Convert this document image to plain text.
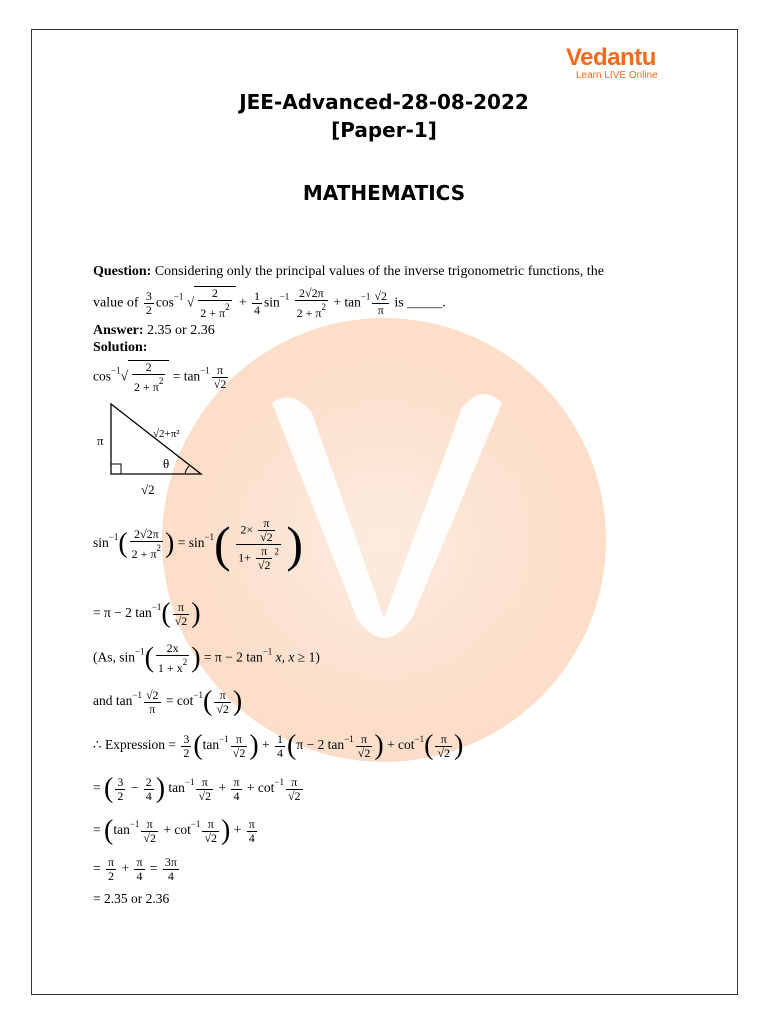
Vedantu
Learn LIVE Online
JEE-Advanced-28-08-2022
[Paper-1]
MATHEMATICS
Question: Considering only the principal values of the inverse trigonometric functions, the
value of $\frac{3}{2} \cos^{-1}$ √ $\frac{2}{2 + \pi^2} + \frac{1}{4} \sin^{-1} \frac{2√2\pi}{2 + \pi^2} + \tan^{-1} \frac{√2}{\pi}$ is _____.
Answer: 2.35 or 2.36
Solution:
$\cos^{-1}√ \frac{2}{2 + \pi^2} = \tan^{-1} \frac{\pi}{√2}$
π	√2+π²
θ
√2
$\sin^{-1}( \frac{2√2\pi}{2 + \pi^2}$ ) = $\sin^{-1}( \frac{2\times \frac{\pi}{√2}}{1+ \frac{\pi}{√2} ^2}$ )
= π − 2 $\tan^{-1}( \frac{\pi}{√2}$ )
(As, $\sin^{-1}( \frac{2x}{1 + x^2}$ ) = π − 2 $\tan^{-1} x$, x ≥ 1)
and $\tan^{-1} \frac{√2}{\pi} = \cot^{-1}( \frac{\pi}{√2}$ )
∴ Expression = $\frac{3}{2} (\tan^{-1} \frac{\pi}{√2}$ ) + $\frac{1}{4} (\pi - 2$ $\tan^{-1} \frac{\pi}{√2}$ ) + $\cot^{-1}( \frac{\pi}{√2}$ )
= ( $\frac{3}{2} - \frac{2}{4}$ ) $\tan^{-1} \frac{\pi}{√2} + \frac{\pi}{4} + \cot^{-1} \frac{\pi}{√2}$
= ($\tan^{-1} \frac{\pi}{√2} + \cot^{-1} \frac{\pi}{√2}$ ) + $\frac{\pi}{4}$
= $\frac{\pi}{2} + \frac{\pi}{4} = \frac{3\pi}{4}$
= 2.35 or 2.36
